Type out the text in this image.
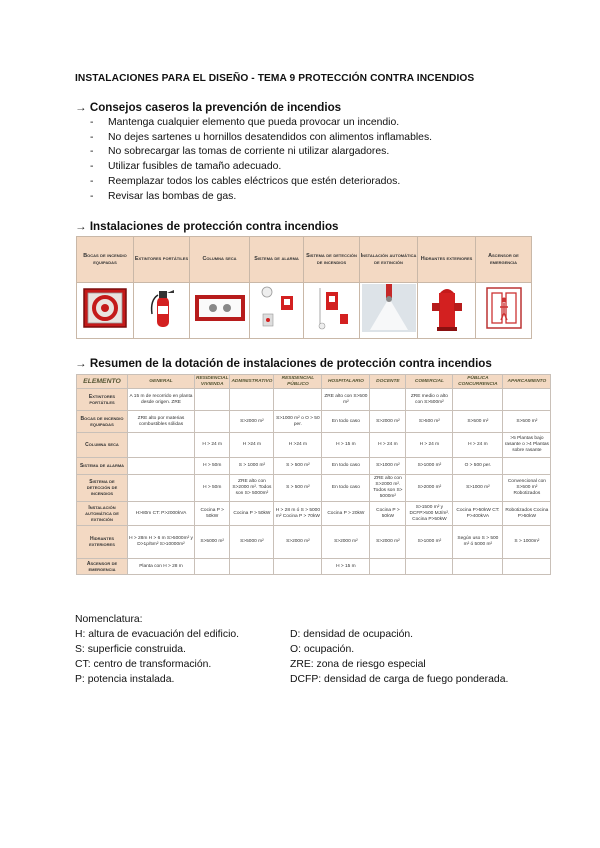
INSTALACIONES PARA EL DISEÑO - TEMA 9 PROTECCIÓN CONTRA INCENDIOS
→ Consejos caseros la prevención de incendios
- Mantenga cualquier elemento que pueda provocar un incendio.
- No dejes sartenes u hornillos desatendidos con alimentos inflamables.
- No sobrecargar las tomas de corriente ni utilizar alargadores.
- Utilizar fusibles de tamaño adecuado.
- Reemplazar todos los cables eléctricos que estén deteriorados.
- Revisar las bombas de gas.
→ Instalaciones de protección contra incendios
Bocas de incendio equipadas	Extintores portátiles	Columna seca	Sistema de alarma	Sistema de detección de incendios	Instalación automática de extinción	Hidrantes exteriores	Ascensor de emergencia

→ Resumen de la dotación de instalaciones de protección contra incendios
ELEMENTO	GENERAL	RESIDENCIAL VIVIENDA	ADMINISTRATIVO	RESIDENCIAL PÚBLICO	HOSPITALARIO	DOCENTE	COMERCIAL	PÚBLICA CONCURRENCIA	APARCAMIENTO
Extintores portátiles	A 15 m de recorrido en planta desde origen. ZRE				ZRE alto con S>500 m²		ZRE medio o alto con S>500m²		
Bocas de incendio equipadas	ZRE alto por materias combustibles sólidas		S>2000 m²	S>1000 m² o O > 50 per.	En todo caso	S>2000 m²	S>500 m²	S>500 m²	S>500 m²
Columna seca		H > 24 m	H >24 m	H >24 m	H > 15 m	H > 24 m	H > 24 m	H > 24 m	>5 Plantas bajo rasante o >4 Plantas sobre rasante
Sistema de alarma		H > 50m	S > 1000 m²	S > 500 m²	En todo caso	S>1000 m²	S>1000 m²	O > 500 per.	
Sistema de detección de incendios		H > 50m	ZRE alto con S>2000 m². Todos son S> 5000m²	S > 500 m²	En todo caso	ZRE alto con S>2000 m². Todos son S> 5000m²	S>2000 m²	S>1000 m²	Convencional con S>500 m² Robotizados
Instalación automática de extinción	H>80m CT: P>2000kVA	Cocina P > 50kW	Cocina P > 50kW	H > 28 m ó S > 5000 m² Cocina P > 70kW	Cocina P > 20kW	Cocina P > 50kW	S>1500 m² y DCFP>500 MJ/m². Cocina P>50kW	Cocina P>50kW CT: P>400kVA	Robotizados Cocina P>50kW
Hidrantes exteriores	H > 28m H > 6 m S>5000m² y D>1p/5m² S>10000m²	S>5000 m²	S>5000 m²	S>2000 m²	S>2000 m²	S>2000 m²	S>1000 m²	Según uso S > 500 m² ó 5000 m²	S > 1000m²
Ascensor de emergencia	Planta con H > 28 m				H > 15 m				
Nomenclatura:
H: altura de evacuación del edificio.
S: superficie construida.
CT: centro de transformación.
P: potencia instalada.
D: densidad de ocupación.
O: ocupación.
ZRE: zona de riesgo especial
DCFP: densidad de carga de fuego ponderada.
